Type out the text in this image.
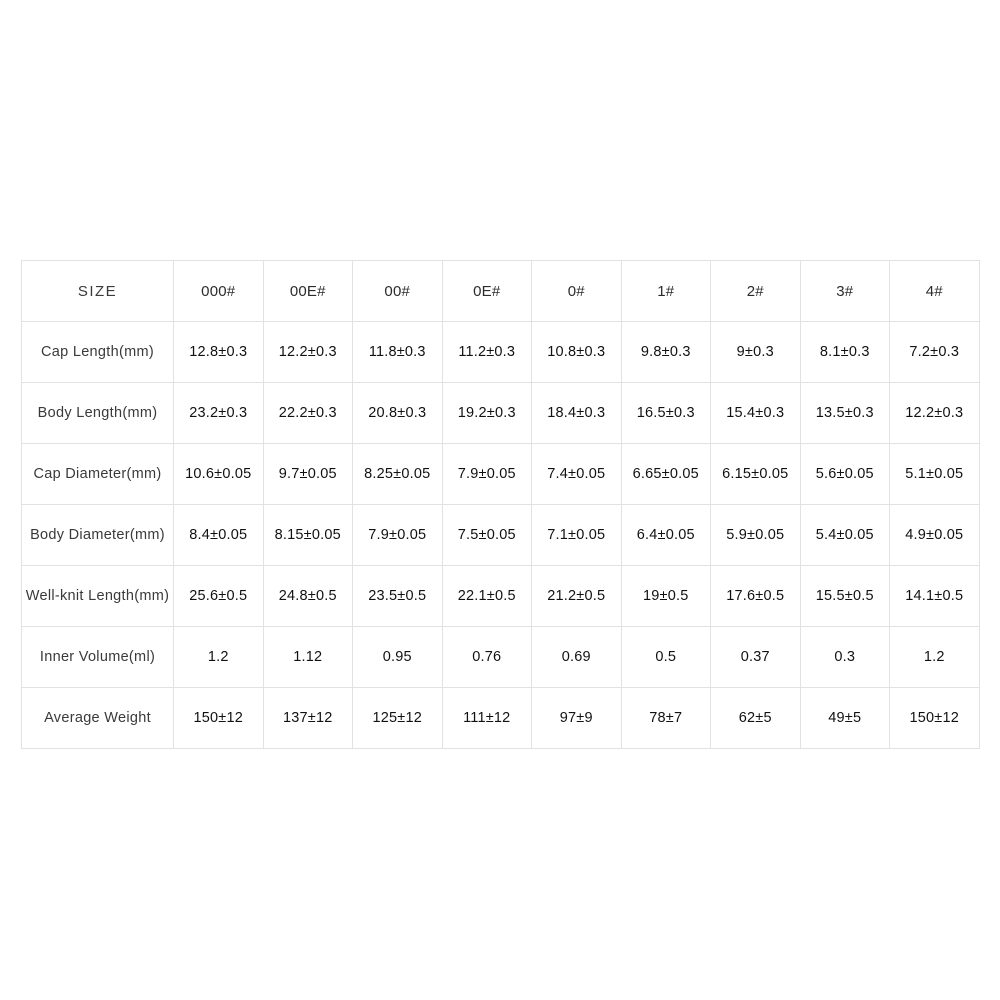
SIZE	000#	00E#	00#	0E#	0#	1#	2#	3#	4#
Cap Length(mm)	12.8±0.3	12.2±0.3	11.8±0.3	11.2±0.3	10.8±0.3	9.8±0.3	9±0.3	8.1±0.3	7.2±0.3
Body Length(mm)	23.2±0.3	22.2±0.3	20.8±0.3	19.2±0.3	18.4±0.3	16.5±0.3	15.4±0.3	13.5±0.3	12.2±0.3
Cap Diameter(mm)	10.6±0.05	9.7±0.05	8.25±0.05	7.9±0.05	7.4±0.05	6.65±0.05	6.15±0.05	5.6±0.05	5.1±0.05
Body Diameter(mm)	8.4±0.05	8.15±0.05	7.9±0.05	7.5±0.05	7.1±0.05	6.4±0.05	5.9±0.05	5.4±0.05	4.9±0.05
Well-knit Length(mm)	25.6±0.5	24.8±0.5	23.5±0.5	22.1±0.5	21.2±0.5	19±0.5	17.6±0.5	15.5±0.5	14.1±0.5
Inner Volume(ml)	1.2	1.12	0.95	0.76	0.69	0.5	0.37	0.3	1.2
Average Weight	150±12	137±12	125±12	111±12	97±9	78±7	62±5	49±5	150±12
